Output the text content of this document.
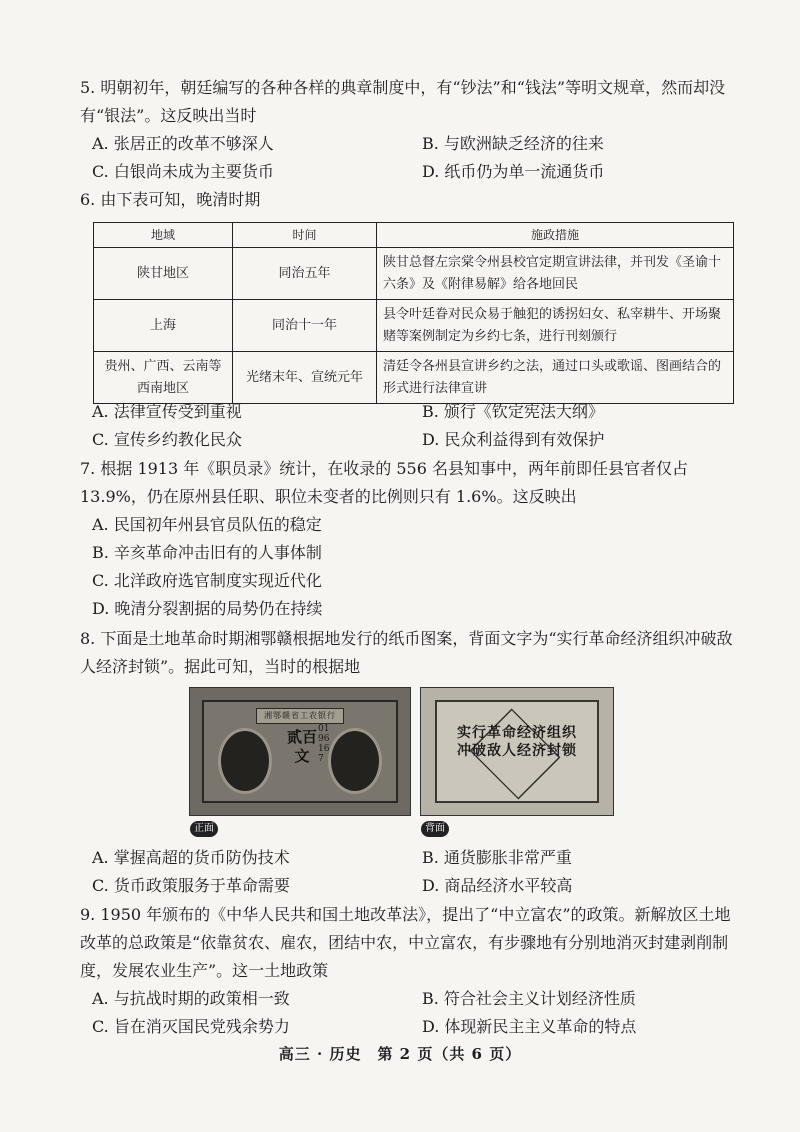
5. 明朝初年，朝廷编写的各种各样的典章制度中，有“钞法”和“钱法”等明文规章，然而却没有“银法”。这反映出当时
A. 张居正的改革不够深人	B. 与欧洲缺乏经济的往来
C. 白银尚未成为主要货币	D. 纸币仍为单一流通货币
6. 由下表可知，晚清时期
地域	时间	施政措施
陕甘地区	同治五年	陕甘总督左宗棠令州县校官定期宣讲法律，并刊发《圣谕十六条》及《附律易解》给各地回民
上海	同治十一年	县令叶廷眷对民众易于触犯的诱拐妇女、私宰耕牛、开场聚赌等案例制定为乡约七条，进行刊刻颁行
贵州、广西、云南等西南地区	光绪末年、宣统元年	清廷令各州县宣讲乡约之法，通过口头或歌谣、图画结合的形式进行法律宣讲
A. 法律宣传受到重视	B. 颁行《钦定宪法大纲》
C. 宣传乡约教化民众	D. 民众利益得到有效保护
7. 根据 1913 年《职员录》统计，在收录的 556 名县知事中，两年前即任县官者仅占 13.9%，仍在原州县任职、职位未变者的比例则只有 1.6%。这反映出
A. 民国初年州县官员队伍的稳定
B. 辛亥革命冲击旧有的人事体制
C. 北洋政府选官制度实现近代化
D. 晚清分裂割据的局势仍在持续
8. 下面是土地革命时期湘鄂赣根据地发行的纸币图案，背面文字为“实行革命经济组织冲破敌人经济封锁”。据此可知，当时的根据地
湘鄂赣省工农银行
贰百文
0196167
实行革命经济组织冲破敌人经济封锁
正面	背面
A. 掌握高超的货币防伪技术	B. 通货膨胀非常严重
C. 货币政策服务于革命需要	D. 商品经济水平较高
9. 1950 年颁布的《中华人民共和国土地改革法》，提出了“中立富农”的政策。新解放区土地改革的总政策是“依靠贫农、雇农，团结中农，中立富农，有步骤地有分别地消灭封建剥削制度，发展农业生产”。这一土地政策
A. 与抗战时期的政策相一致	B. 符合社会主义计划经济性质
C. 旨在消灭国民党残余势力	D. 体现新民主主义革命的特点
高三 · 历史　第 2 页（共 6 页）
